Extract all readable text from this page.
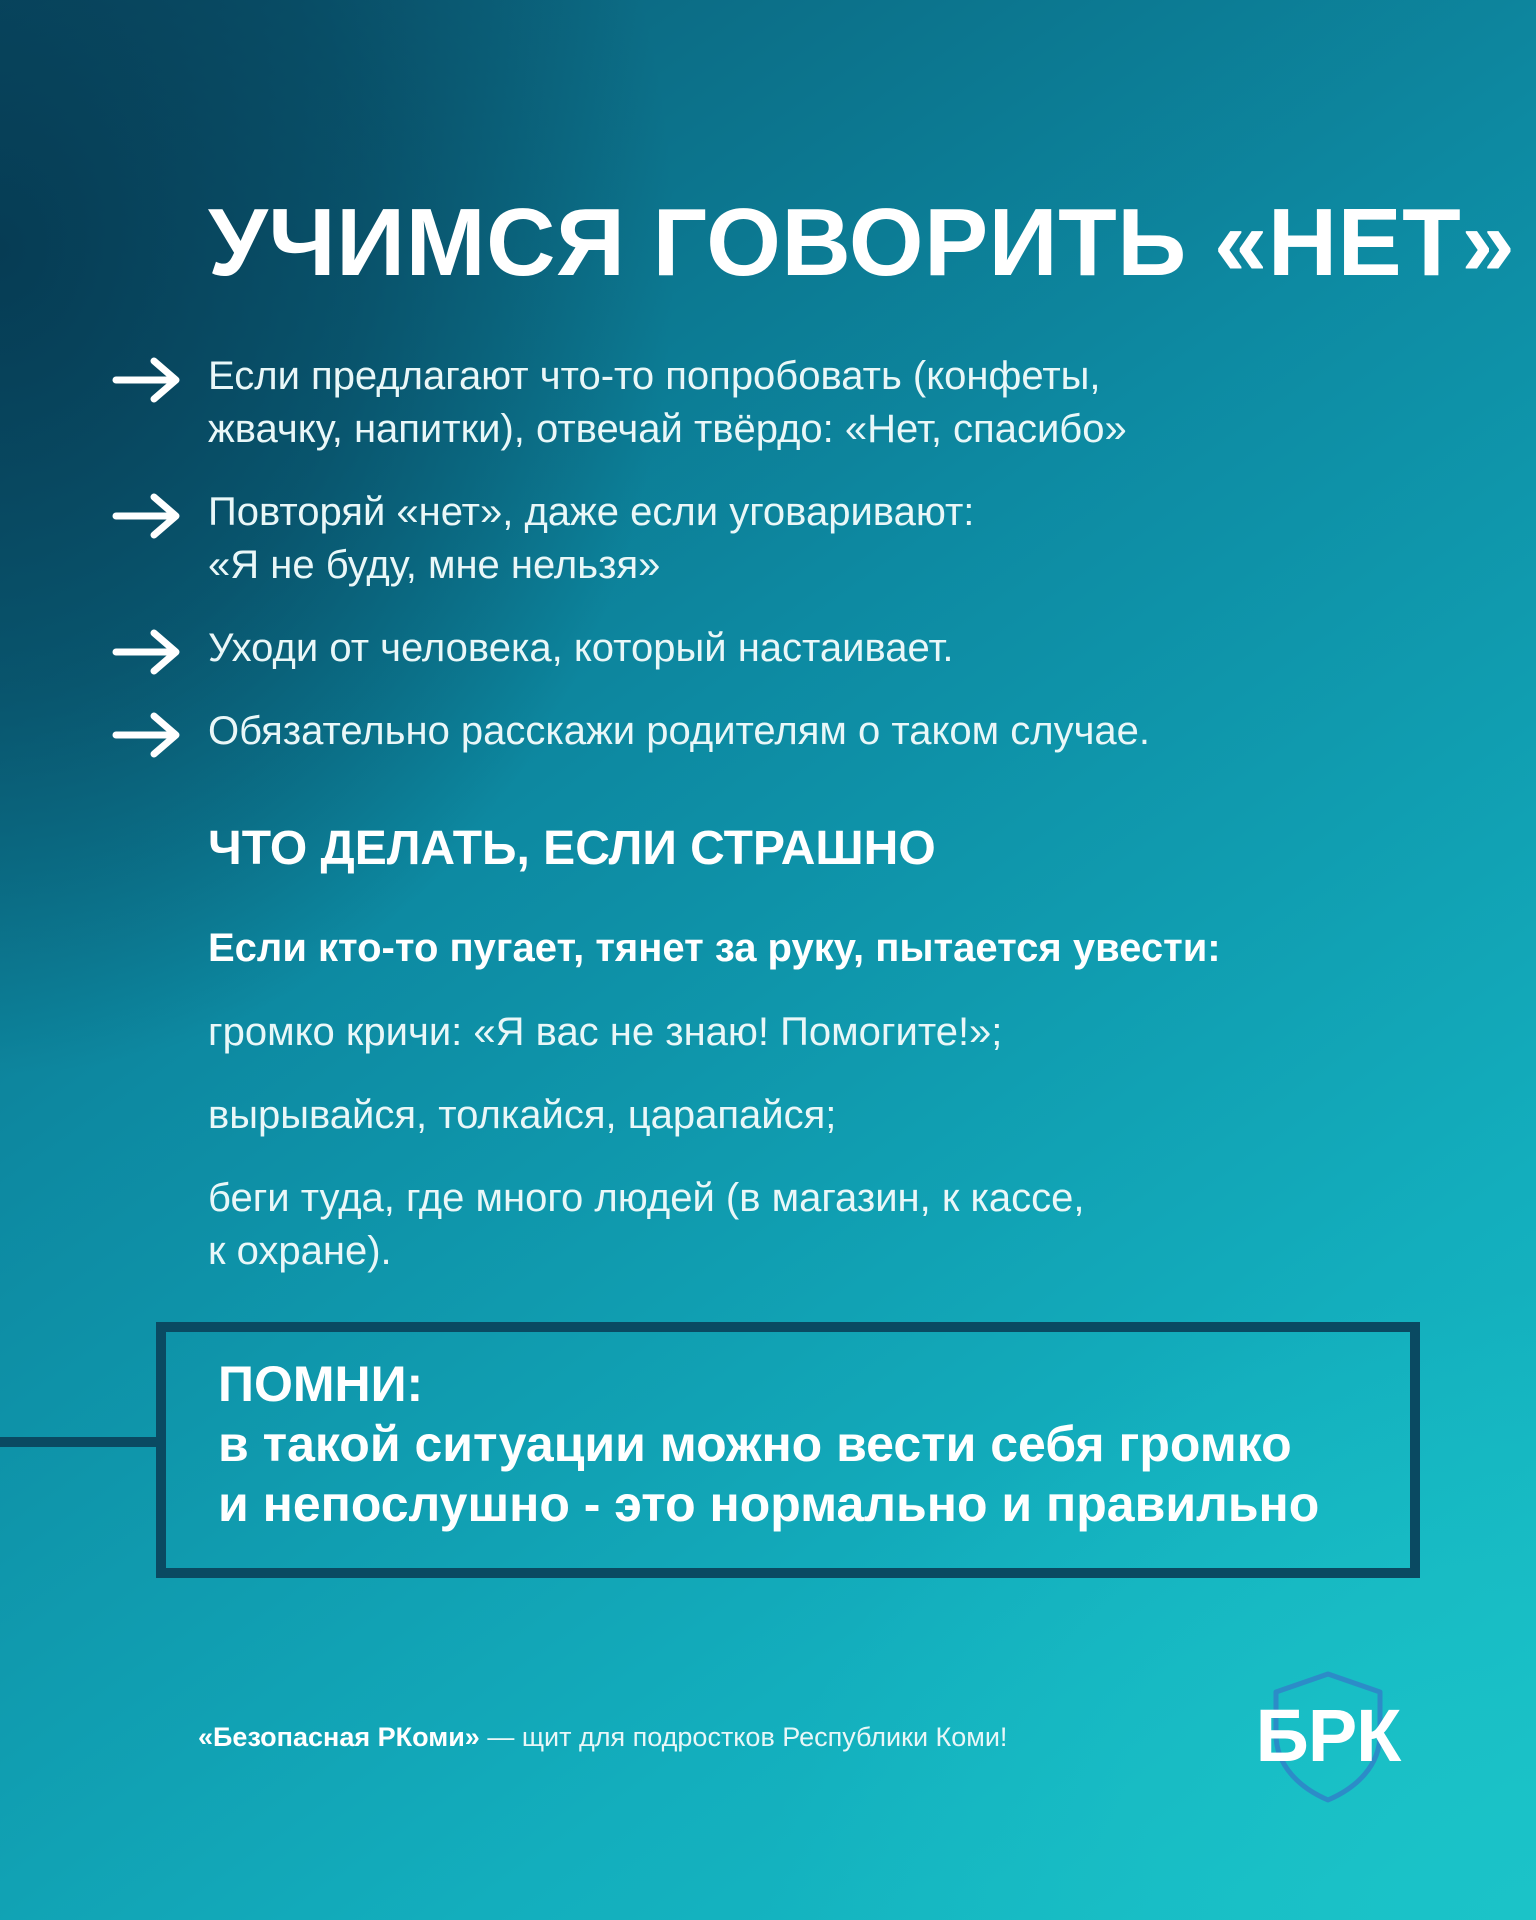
УЧИМСЯ ГОВОРИТЬ «НЕТ»
Если предлагают что-то попробовать (конфеты,
жвачку, напитки), отвечай твёрдо: «Нет, спасибо»
Повторяй «нет», даже если уговаривают:
«Я не буду, мне нельзя»
Уходи от человека, который настаивает.
Обязательно расскажи родителям о таком случае.
ЧТО ДЕЛАТЬ, ЕСЛИ СТРАШНО

Если кто-то пугает, тянет за руку, пытается увести:

громко кричи: «Я вас не знаю! Помогите!»;
вырывайся, толкайся, царапайся;
беги туда, где много людей (в магазин, к кассе,
к охране).

ПОМНИ:

в такой ситуации можно вести себя громко
и непослушно - это нормально и правильно

«Безопасная РКоми» — щит для подростков Республики Коми!	БРК
